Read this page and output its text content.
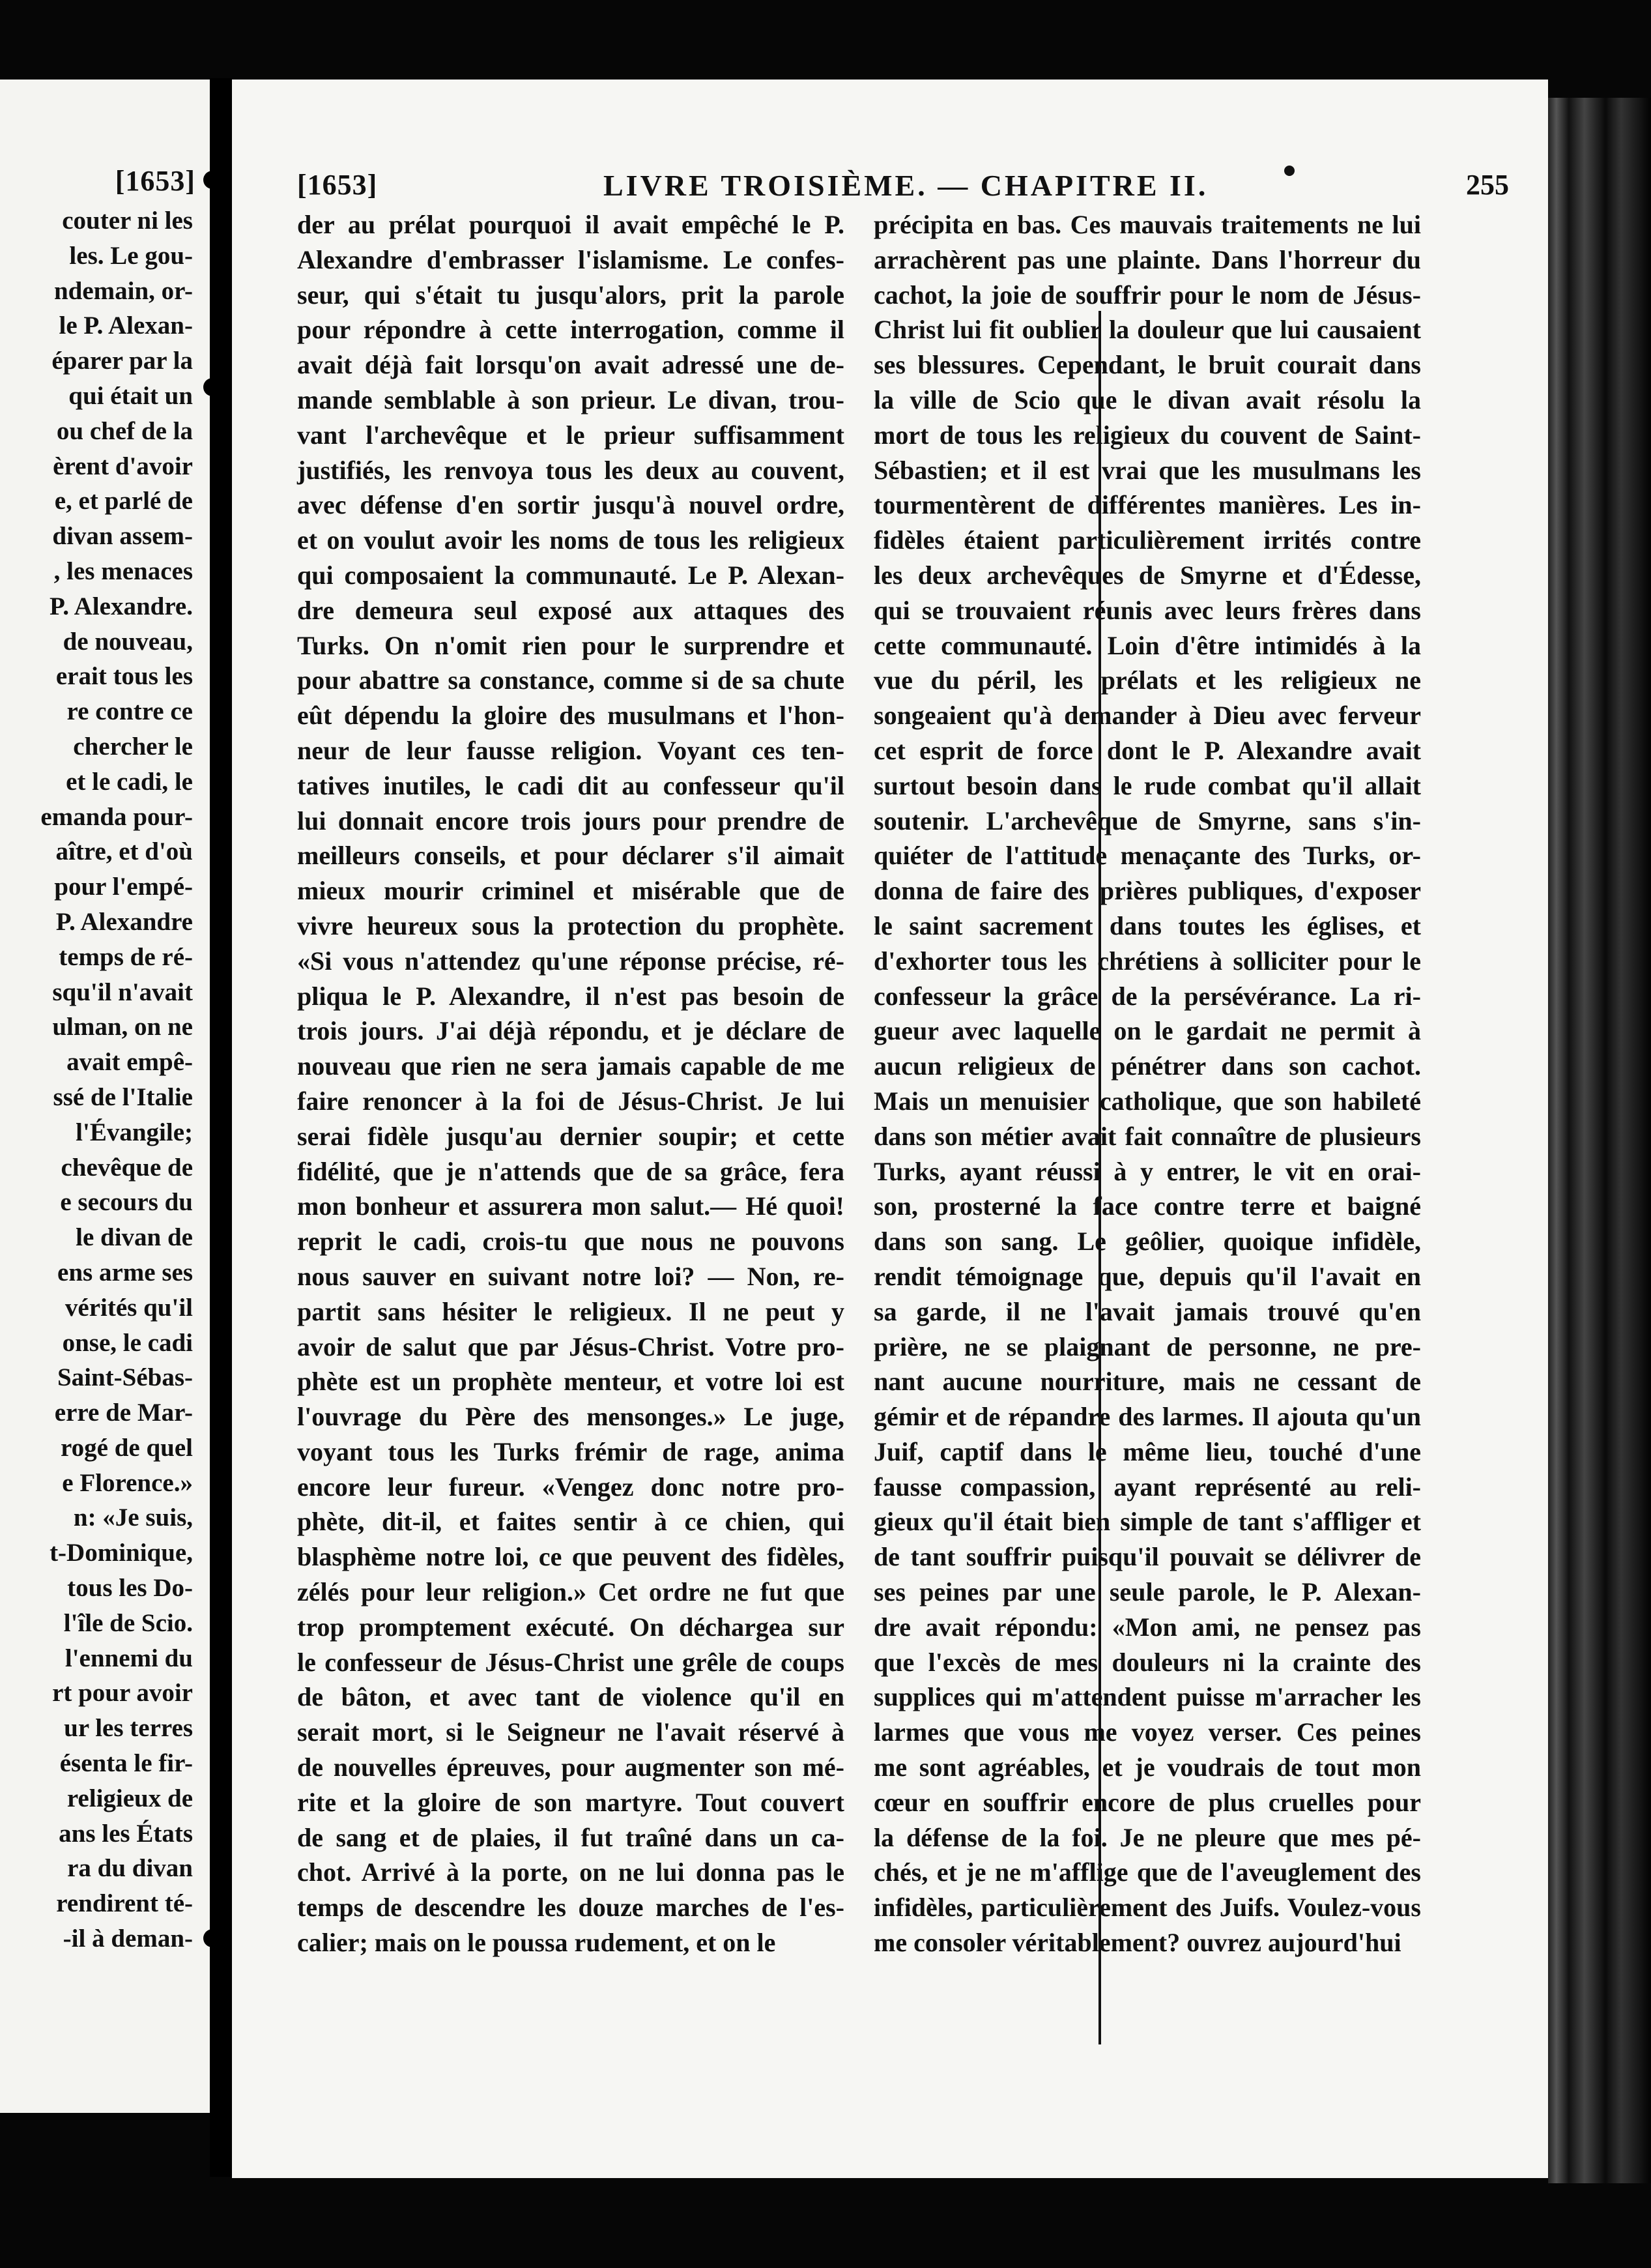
[1653]
couter ni les
les. Le gou-
ndemain, or-
le P. Alexan-
éparer par la
qui était un
ou chef de la
èrent d'avoir
e, et parlé de
divan assem-
, les menaces
P. Alexandre.
de nouveau,
erait tous les
re contre ce
chercher le
et le cadi, le
emanda pour-
aître, et d'où
pour l'empé-
P. Alexandre
temps de ré-
squ'il n'avait
ulman, on ne
avait empê-
ssé de l'Italie
l'Évangile;
chevêque de
e secours du
le divan de
ens arme ses
vérités qu'il
onse, le cadi
Saint-Sébas-
erre de Mar-
rogé de quel
e Florence.»
n: «Je suis,
t-Dominique,
tous les Do-
l'île de Scio.
l'ennemi du
rt pour avoir
ur les terres
ésenta le fir-
religieux de
ans les États
ra du divan
rendirent té-
-il à deman-
[1653]	LIVRE TROISIÈME. — CHAPITRE II.	255
der au prélat pourquoi il avait empêché le P.
Alexandre d'embrasser l'islamisme. Le confes-
seur, qui s'était tu jusqu'alors, prit la parole
pour répondre à cette interrogation, comme il
avait déjà fait lorsqu'on avait adressé une de-
mande semblable à son prieur. Le divan, trou-
vant l'archevêque et le prieur suffisamment
justifiés, les renvoya tous les deux au couvent,
avec défense d'en sortir jusqu'à nouvel ordre,
et on voulut avoir les noms de tous les religieux
qui composaient la communauté. Le P. Alexan-
dre demeura seul exposé aux attaques des
Turks. On n'omit rien pour le surprendre et
pour abattre sa constance, comme si de sa chute
eût dépendu la gloire des musulmans et l'hon-
neur de leur fausse religion. Voyant ces ten-
tatives inutiles, le cadi dit au confesseur qu'il
lui donnait encore trois jours pour prendre de
meilleurs conseils, et pour déclarer s'il aimait
mieux mourir criminel et misérable que de
vivre heureux sous la protection du prophète.
«Si vous n'attendez qu'une réponse précise, ré-
pliqua le P. Alexandre, il n'est pas besoin de
trois jours. J'ai déjà répondu, et je déclare de
nouveau que rien ne sera jamais capable de me
faire renoncer à la foi de Jésus-Christ. Je lui
serai fidèle jusqu'au dernier soupir; et cette
fidélité, que je n'attends que de sa grâce, fera
mon bonheur et assurera mon salut.— Hé quoi!
reprit le cadi, crois-tu que nous ne pouvons
nous sauver en suivant notre loi? — Non, re-
partit sans hésiter le religieux. Il ne peut y
avoir de salut que par Jésus-Christ. Votre pro-
phète est un prophète menteur, et votre loi est
l'ouvrage du Père des mensonges.» Le juge,
voyant tous les Turks frémir de rage, anima
encore leur fureur. «Vengez donc notre pro-
phète, dit-il, et faites sentir à ce chien, qui
blasphème notre loi, ce que peuvent des fidèles,
zélés pour leur religion.» Cet ordre ne fut que
trop promptement exécuté. On déchargea sur
le confesseur de Jésus-Christ une grêle de coups
de bâton, et avec tant de violence qu'il en
serait mort, si le Seigneur ne l'avait réservé à
de nouvelles épreuves, pour augmenter son mé-
rite et la gloire de son martyre. Tout couvert
de sang et de plaies, il fut traîné dans un ca-
chot. Arrivé à la porte, on ne lui donna pas le
temps de descendre les douze marches de l'es-
calier; mais on le poussa rudement, et on le
précipita en bas. Ces mauvais traitements ne lui
arrachèrent pas une plainte. Dans l'horreur du
cachot, la joie de souffrir pour le nom de Jésus-
Christ lui fit oublier la douleur que lui causaient
ses blessures. Cependant, le bruit courait dans
la ville de Scio que le divan avait résolu la
mort de tous les religieux du couvent de Saint-
Sébastien; et il est vrai que les musulmans les
tourmentèrent de différentes manières. Les in-
fidèles étaient particulièrement irrités contre
les deux archevêques de Smyrne et d'Édesse,
qui se trouvaient réunis avec leurs frères dans
cette communauté. Loin d'être intimidés à la
vue du péril, les prélats et les religieux ne
songeaient qu'à demander à Dieu avec ferveur
cet esprit de force dont le P. Alexandre avait
surtout besoin dans le rude combat qu'il allait
soutenir. L'archevêque de Smyrne, sans s'in-
quiéter de l'attitude menaçante des Turks, or-
donna de faire des prières publiques, d'exposer
le saint sacrement dans toutes les églises, et
d'exhorter tous les chrétiens à solliciter pour le
confesseur la grâce de la persévérance. La ri-
gueur avec laquelle on le gardait ne permit à
aucun religieux de pénétrer dans son cachot.
Mais un menuisier catholique, que son habileté
dans son métier avait fait connaître de plusieurs
Turks, ayant réussi à y entrer, le vit en orai-
son, prosterné la face contre terre et baigné
dans son sang. Le geôlier, quoique infidèle,
rendit témoignage que, depuis qu'il l'avait en
sa garde, il ne l'avait jamais trouvé qu'en
prière, ne se plaignant de personne, ne pre-
nant aucune nourriture, mais ne cessant de
gémir et de répandre des larmes. Il ajouta qu'un
Juif, captif dans le même lieu, touché d'une
fausse compassion, ayant représenté au reli-
gieux qu'il était bien simple de tant s'affliger et
de tant souffrir puisqu'il pouvait se délivrer de
ses peines par une seule parole, le P. Alexan-
dre avait répondu: «Mon ami, ne pensez pas
que l'excès de mes douleurs ni la crainte des
supplices qui m'attendent puisse m'arracher les
larmes que vous me voyez verser. Ces peines
me sont agréables, et je voudrais de tout mon
cœur en souffrir encore de plus cruelles pour
la défense de la foi. Je ne pleure que mes pé-
chés, et je ne m'afflige que de l'aveuglement des
infidèles, particulièrement des Juifs. Voulez-vous
me consoler véritablement? ouvrez aujourd'hui
